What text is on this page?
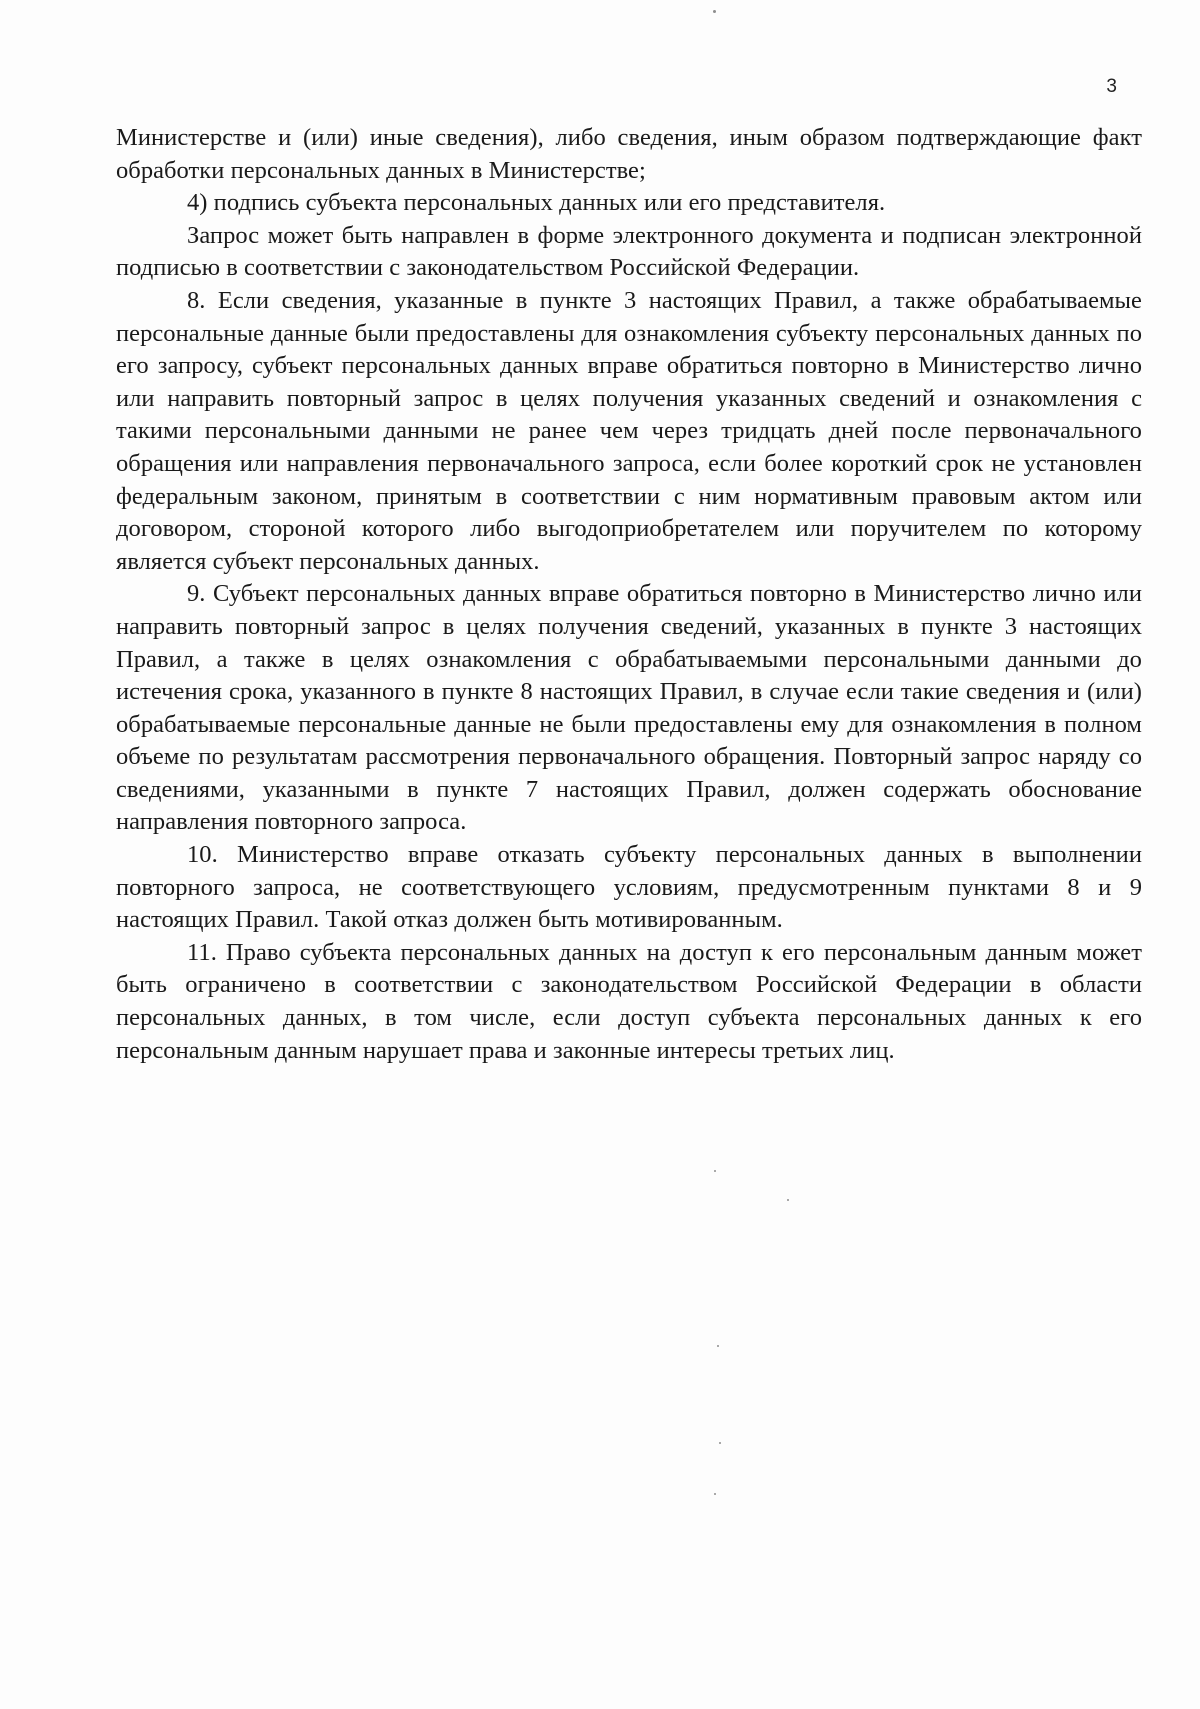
3

Министерстве и (или) иные сведения), либо сведения, иным образом подтверждающие факт обработки персональных данных в Министерстве;

4) подпись субъекта персональных данных или его представителя.

Запрос может быть направлен в форме электронного документа и подписан электронной подписью в соответствии с законодательством Российской Федерации.

8. Если сведения, указанные в пункте 3 настоящих Правил, а также обрабатываемые персональные данные были предоставлены для ознакомления субъекту персональных данных по его запросу, субъект персональных данных вправе обратиться повторно в Министерство лично или направить повторный запрос в целях получения указанных сведений и ознакомления с такими персональными данными не ранее чем через тридцать дней после первоначального обращения или направления первоначального запроса, если более короткий срок не установлен федеральным законом, принятым в соответствии с ним нормативным правовым актом или договором, стороной которого либо выгодоприобретателем или поручителем по которому является субъект персональных данных.

9. Субъект персональных данных вправе обратиться повторно в Министерство лично или направить повторный запрос в целях получения сведений, указанных в пункте 3 настоящих Правил, а также в целях ознакомления с обрабатываемыми персональными данными до истечения срока, указанного в пункте 8 настоящих Правил, в случае если такие сведения и (или) обрабатываемые персональные данные не были предоставлены ему для ознакомления в полном объеме по результатам рассмотрения первоначального обращения. Повторный запрос наряду со сведениями, указанными в пункте 7 настоящих Правил, должен содержать обоснование направления повторного запроса.

10. Министерство вправе отказать субъекту персональных данных в выполнении повторного запроса, не соответствующего условиям, предусмотренным пунктами 8 и 9 настоящих Правил. Такой отказ должен быть мотивированным.

11. Право субъекта персональных данных на доступ к его персональным данным может быть ограничено в соответствии с законодательством Российской Федерации в области персональных данных, в том числе, если доступ субъекта персональных данных к его персональным данным нарушает права и законные интересы третьих лиц.
